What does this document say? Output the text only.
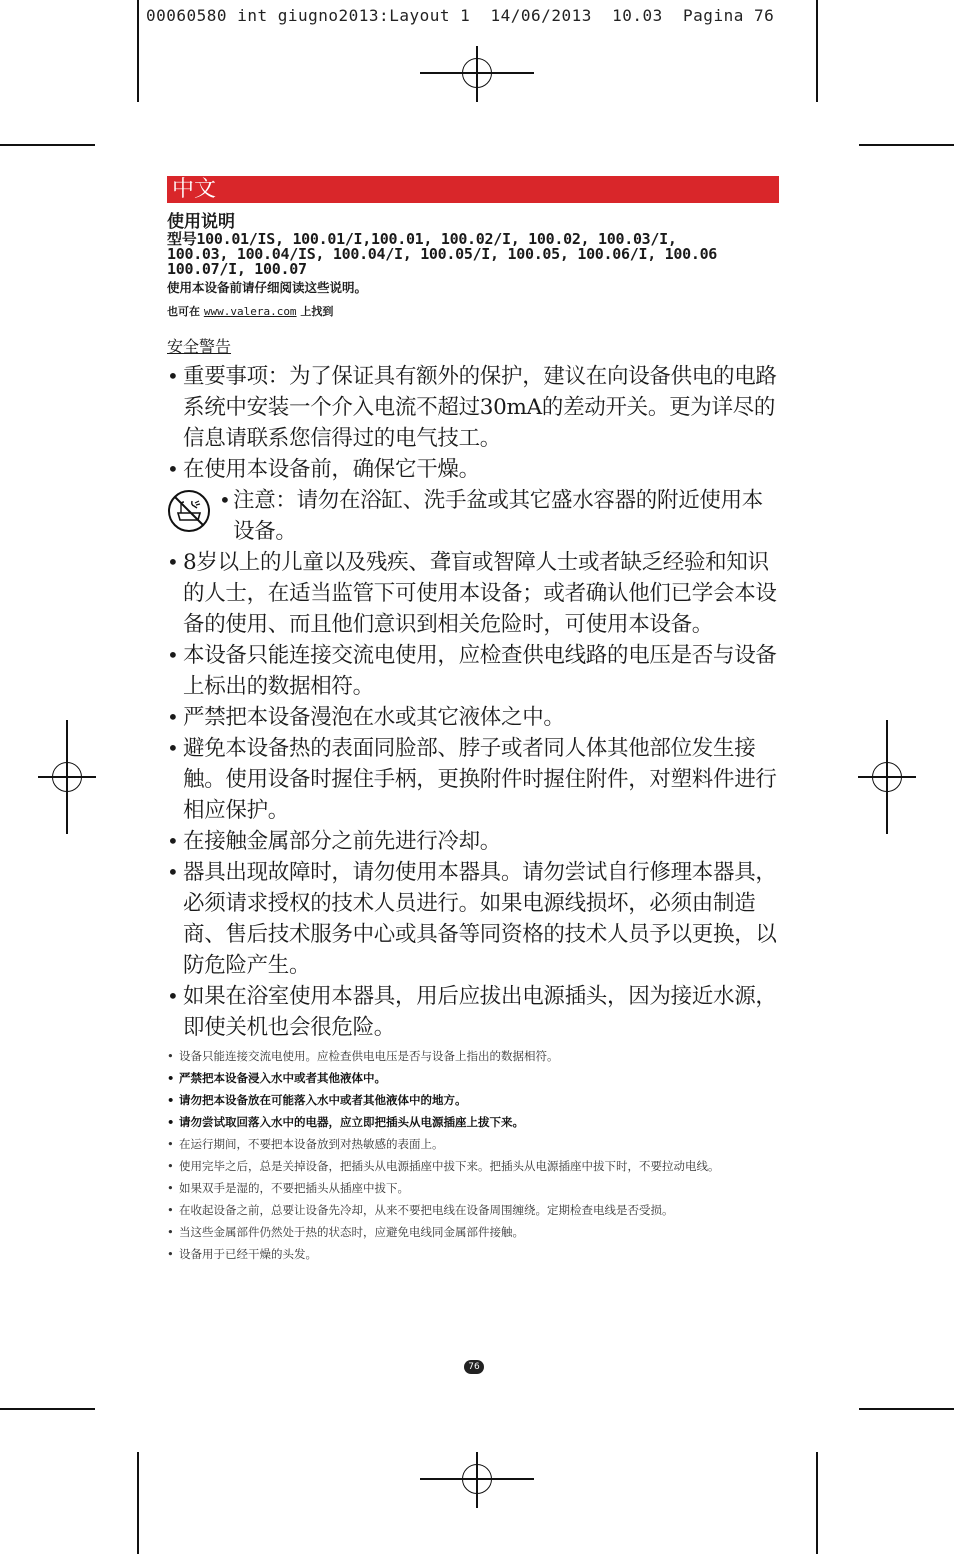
00060580 int giugno2013:Layout 1  14/06/2013  10.03  Pagina 76
中文
使用说明
型号100.01/IS, 100.01/I,100.01, 100.02/I, 100.02, 100.03/I,
100.03, 100.04/IS, 100.04/I, 100.05/I, 100.05, 100.06/I, 100.06
100.07/I, 100.07
使用本设备前请仔细阅读这些说明。
也可在 www.valera.com 上找到
安全警告
• 重要事项：为了保证具有额外的保护，建议在向设备供电的电路系统中安装一个介入电流不超过30mA的差动开关。更为详尽的信息请联系您信得过的电气技工。
• 在使用本设备前，确保它干燥。
• 注意：请勿在浴缸、洗手盆或其它盛水容器的附近使用本设备。
• 8岁以上的儿童以及残疾、聋盲或智障人士或者缺乏经验和知识的人士，在适当监管下可使用本设备；或者确认他们已学会本设备的使用、而且他们意识到相关危险时，可使用本设备。
• 本设备只能连接交流电使用，应检查供电线路的电压是否与设备上标出的数据相符。
• 严禁把本设备漫泡在水或其它液体之中。
• 避免本设备热的表面同脸部、脖子或者同人体其他部位发生接触。使用设备时握住手柄，更换附件时握住附件，对塑料件进行相应保护。
• 在接触金属部分之前先进行冷却。
• 器具出现故障时，请勿使用本器具。请勿尝试自行修理本器具，必须请求授权的技术人员进行。如果电源线损坏，必须由制造商、售后技术服务中心或具备等同资格的技术人员予以更换，以防危险产生。
• 如果在浴室使用本器具，用后应拔出电源插头，因为接近水源，即使关机也会很危险。
• 设备只能连接交流电使用。应检查供电电压是否与设备上指出的数据相符。
• 严禁把本设备浸入水中或者其他液体中。
• 请勿把本设备放在可能落入水中或者其他液体中的地方。
• 请勿尝试取回落入水中的电器，应立即把插头从电源插座上拔下来。
• 在运行期间，不要把本设备放到对热敏感的表面上。
• 使用完毕之后，总是关掉设备，把插头从电源插座中拔下来。把插头从电源插座中拔下时，不要拉动电线。
• 如果双手是湿的，不要把插头从插座中拔下。
• 在收起设备之前，总要让设备先冷却，从来不要把电线在设备周围缠绕。定期检查电线是否受损。
• 当这些金属部件仍然处于热的状态时，应避免电线同金属部件接触。
• 设备用于已经干燥的头发。
76
